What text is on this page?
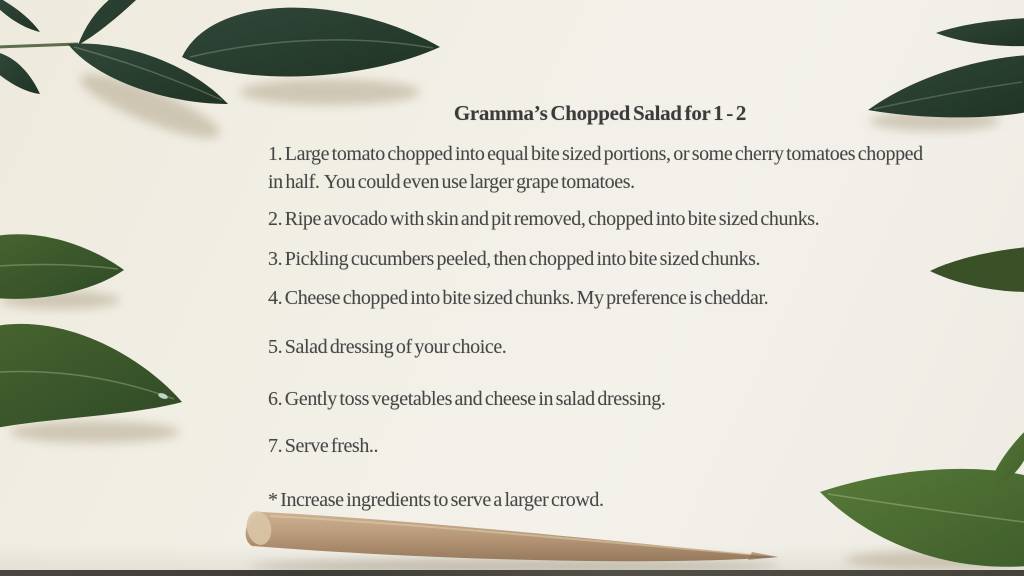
Gramma’s Chopped Salad for 1 - 2

1. Large tomato chopped into equal bite sized portions, or some cherry tomatoes chopped in half.  You could even use larger grape tomatoes.

2. Ripe avocado with skin and pit removed, chopped into bite sized chunks.

3. Pickling cucumbers peeled, then chopped into bite sized chunks.

4. Cheese chopped into bite sized chunks. My preference is cheddar.

5. Salad dressing of your choice.

6. Gently toss vegetables and cheese in salad dressing.

7. Serve fresh..

* Increase ingredients to serve a larger crowd.
